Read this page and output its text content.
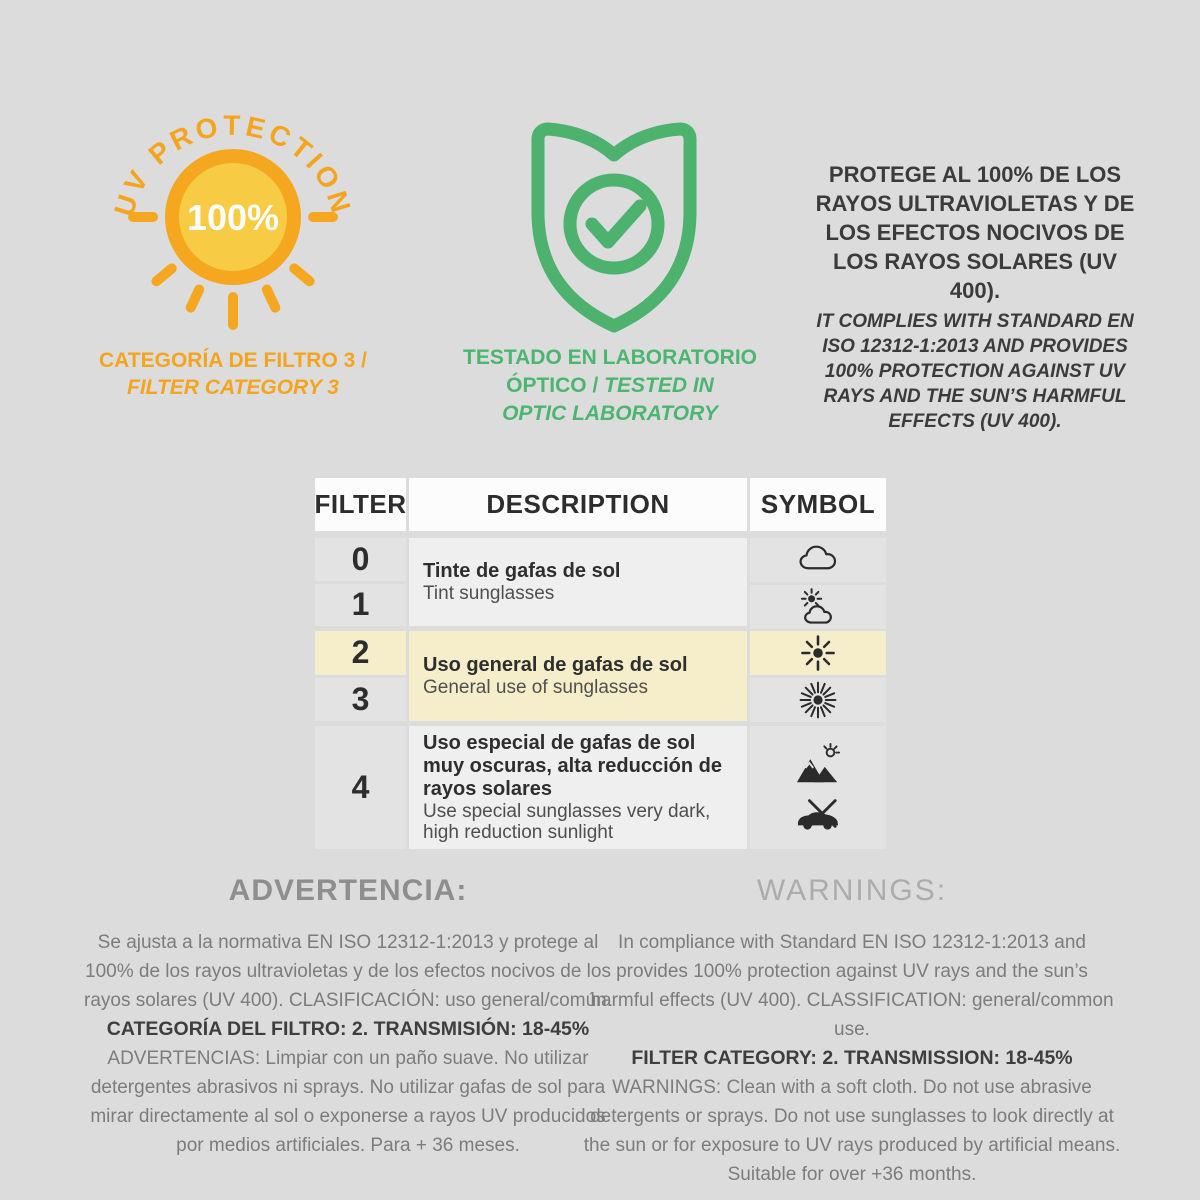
UV PROTECTION
100%
CATEGORÍA DE FILTRO 3 /
FILTER CATEGORY 3
TESTADO EN LABORATORIO
ÓPTICO / TESTED IN
OPTIC LABORATORY
PROTEGE AL 100% DE LOS RAYOS ULTRAVIOLETAS Y DE LOS EFECTOS NOCIVOS DE LOS RAYOS SOLARES (UV 400).
IT COMPLIES WITH STANDARD EN ISO 12312-1:2013 AND PROVIDES 100% PROTECTION AGAINST UV RAYS AND THE SUN’S HARMFUL EFFECTS (UV 400).
FILTER	DESCRIPTION	SYMBOL
0
1
Tinte de gafas de sol
Tint sunglasses
2
3
Uso general de gafas de sol
General use of sunglasses
4
Uso especial de gafas de sol muy oscuras, alta reducción de rayos solares
Use special sunglasses very dark, high reduction sunlight
ADVERTENCIA:

Se ajusta a la normativa EN ISO 12312-1:2013 y protege al 100% de los rayos ultravioletas y de los efectos nocivos de los rayos solares (UV 400). CLASIFICACIÓN: uso general/común.

CATEGORÍA DEL FILTRO: 2. TRANSMISIÓN: 18-45%

ADVERTENCIAS: Limpiar con un paño suave. No utilizar detergentes abrasivos ni sprays. No utilizar gafas de sol para mirar directamente al sol o exponerse a rayos UV producidos por medios artificiales. Para + 36 meses.

WARNINGS:

In compliance with Standard EN ISO 12312-1:2013 and provides 100% protection against UV rays and the sun’s harmful effects (UV 400). CLASSIFICATION: general/common use.

FILTER CATEGORY: 2. TRANSMISSION: 18-45%

WARNINGS: Clean with a soft cloth. Do not use abrasive detergents or sprays. Do not use sunglasses to look directly at the sun or for exposure to UV rays produced by artificial means. Suitable for over +36 months.
